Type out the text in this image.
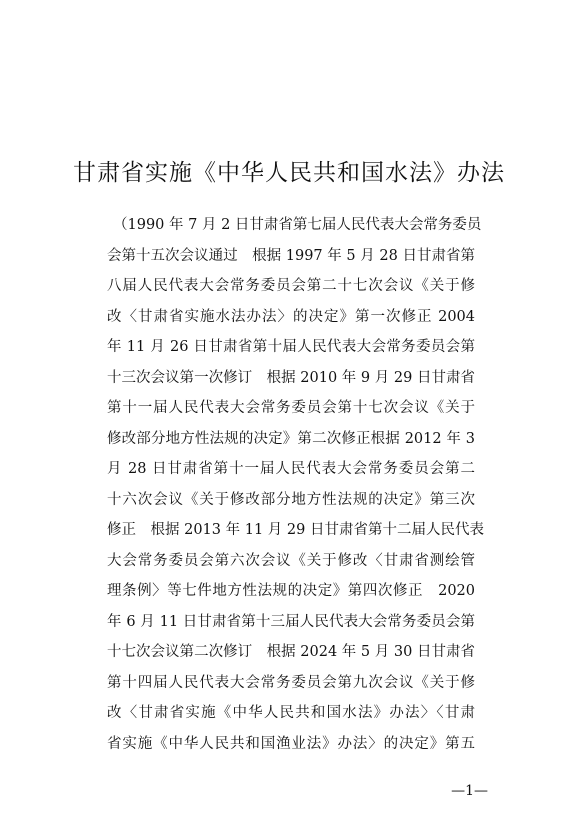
甘肃省实施《中华人民共和国水法》办法
（1990 年 7 月 2 日甘肃省第七届人民代表大会常务委员
会第十五次会议通过　根据 1997 年 5 月 28 日甘肃省第
八届人民代表大会常务委员会第二十七次会议《关于修
改〈甘肃省实施水法办法〉的决定》第一次修正 2004
年 11 月 26 日甘肃省第十届人民代表大会常务委员会第
十三次会议第一次修订　根据 2010 年 9 月 29 日甘肃省
第十一届人民代表大会常务委员会第十七次会议《关于
修改部分地方性法规的决定》第二次修正根据 2012 年 3
月 28 日甘肃省第十一届人民代表大会常务委员会第二
十六次会议《关于修改部分地方性法规的决定》第三次
修正　根据 2013 年 11 月 29 日甘肃省第十二届人民代表
大会常务委员会第六次会议《关于修改〈甘肃省测绘管
理条例〉等七件地方性法规的决定》第四次修正　2020
年 6 月 11 日甘肃省第十三届人民代表大会常务委员会第
十七次会议第二次修订　根据 2024 年 5 月 30 日甘肃省
第十四届人民代表大会常务委员会第九次会议《关于修
改〈甘肃省实施《中华人民共和国水法》办法〉〈甘肃
省实施《中华人民共和国渔业法》办法〉的决定》第五
—1—
